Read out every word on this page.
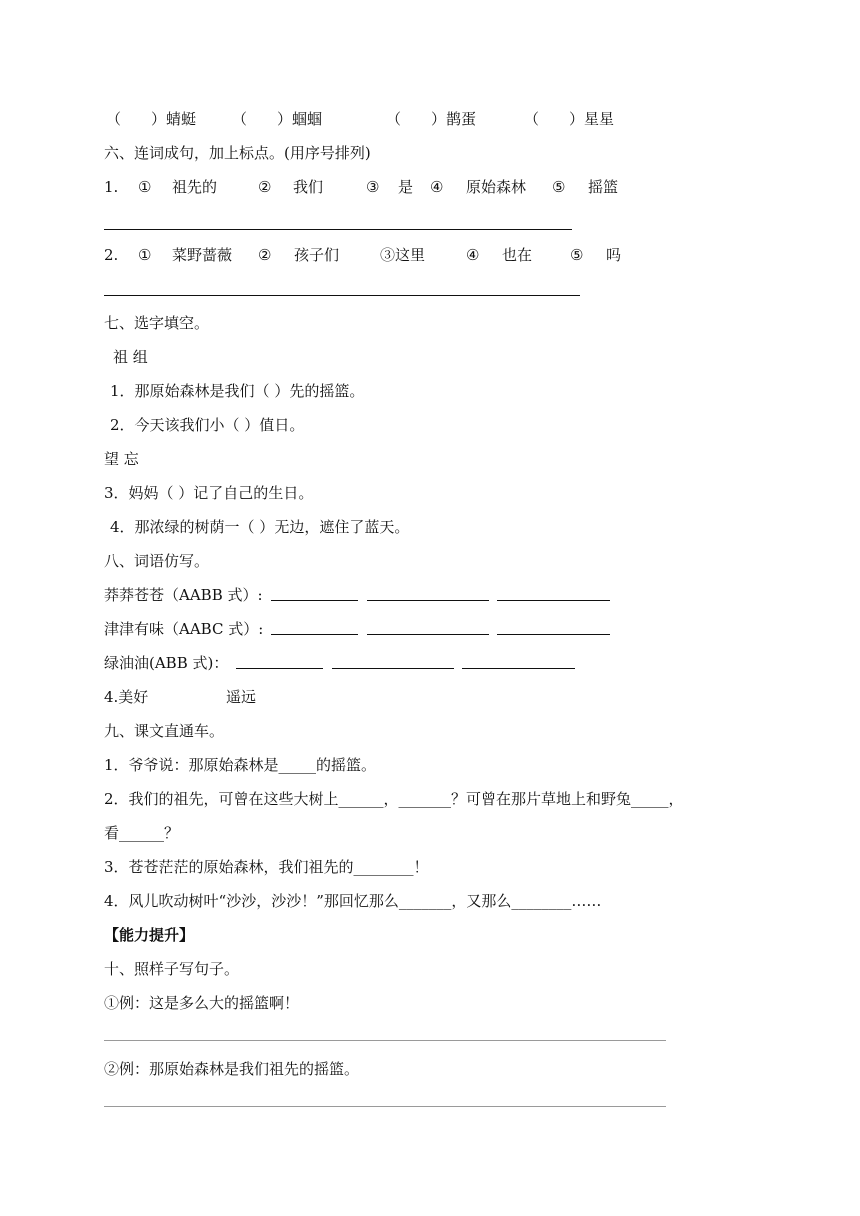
（　　）蜻蜓 （　　）蝈蝈	（　　）鹊蛋	（　　）星星
六、连词成句，加上标点。(用序号排列)
1. ① 祖先的	② 我们	③ 是 ④ 原始森林 ⑤ 摇篮
2. ① 菜野蔷薇 ② 孩子们	③这里	④ 也在	⑤ 吗
七、选字填空。
祖 组
1．那原始森林是我们（ ）先的摇篮。
2．今天该我们小（ ）值日。
望 忘
3．妈妈（ ）记了自己的生日。
4．那浓绿的树荫一（ ）无边，遮住了蓝天。
八、词语仿写。
莽莽苍苍（AABB 式）:
津津有味（AABC 式）:
绿油油(ABB 式)：
4.美好	遥远
九、课文直通车。
1．爷爷说：那原始森林是_____的摇篮。
2．我们的祖先，可曾在这些大树上______，_______？可曾在那片草地上和野兔_____，
看______？
3．苍苍茫茫的原始森林，我们祖先的________！
4．风儿吹动树叶“沙沙，沙沙！”那回忆那么_______，又那么________……
【能力提升】
十、照样子写句子。
①例：这是多么大的摇篮啊！
②例：那原始森林是我们祖先的摇篮。
